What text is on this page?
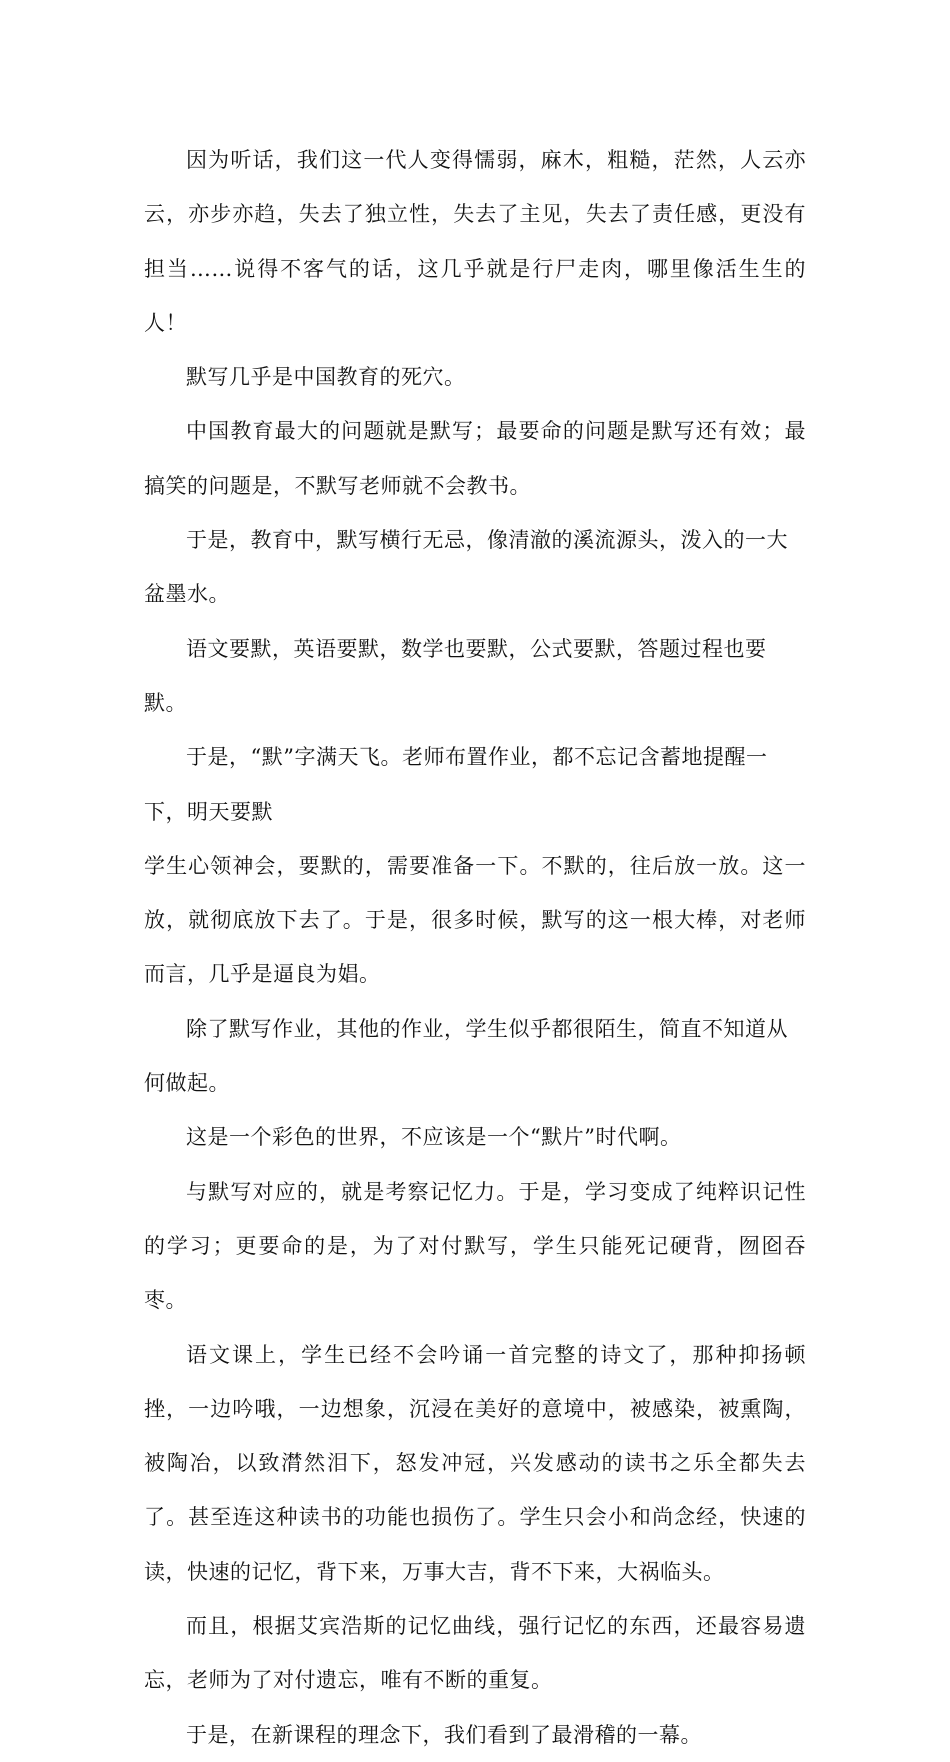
因为听话，我们这一代人变得懦弱，麻木，粗糙，茫然，人云亦云，亦步亦趋，失去了独立性，失去了主见，失去了责任感，更没有担当……说得不客气的话，这几乎就是行尸走肉，哪里像活生生的人！

默写几乎是中国教育的死穴。

中国教育最大的问题就是默写；最要命的问题是默写还有效；最搞笑的问题是，不默写老师就不会教书。

于是，教育中，默写横行无忌，像清澈的溪流源头，泼入的一大盆墨水。

语文要默，英语要默，数学也要默，公式要默，答题过程也要默。

于是，“默”字满天飞。老师布置作业，都不忘记含蓄地提醒一下，明天要默

学生心领神会，要默的，需要准备一下。不默的，往后放一放。这一放，就彻底放下去了。于是，很多时候，默写的这一根大棒，对老师而言，几乎是逼良为娼。

除了默写作业，其他的作业，学生似乎都很陌生，简直不知道从何做起。

这是一个彩色的世界，不应该是一个“默片”时代啊。

与默写对应的，就是考察记忆力。于是，学习变成了纯粹识记性的学习；更要命的是，为了对付默写，学生只能死记硬背，囫囵吞枣。

语文课上，学生已经不会吟诵一首完整的诗文了，那种抑扬顿挫，一边吟哦，一边想象，沉浸在美好的意境中，被感染，被熏陶，被陶冶，以致潸然泪下，怒发冲冠，兴发感动的读书之乐全都失去了。甚至连这种读书的功能也损伤了。学生只会小和尚念经，快速的读，快速的记忆，背下来，万事大吉，背不下来，大祸临头。

而且，根据艾宾浩斯的记忆曲线，强行记忆的东西，还最容易遗忘，老师为了对付遗忘，唯有不断的重复。

于是，在新课程的理念下，我们看到了最滑稽的一幕。
